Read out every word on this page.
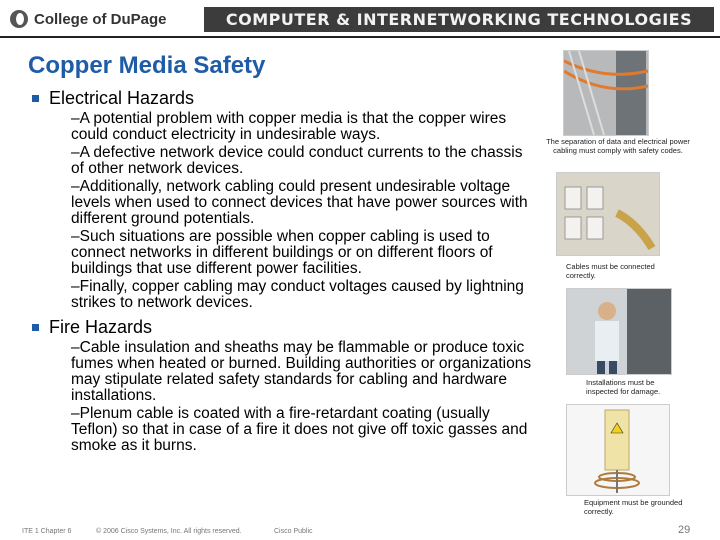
College of DuPage	COMPUTER & INTERNETWORKING TECHNOLOGIES
Copper Media Safety
Electrical Hazards
–A potential problem with copper media is that the copper wires could conduct electricity in undesirable ways.
–A defective network device could conduct currents to the chassis of other network devices.
–Additionally, network cabling could present undesirable voltage levels when used to connect devices that have power sources with different ground potentials.
–Such situations are possible when copper cabling is used to connect networks in different buildings or on different floors of buildings that use different power facilities.
–Finally, copper cabling may conduct voltages caused by lightning strikes to network devices.
Fire Hazards
–Cable insulation and sheaths may be flammable or produce toxic fumes when heated or burned. Building authorities or organizations may stipulate related safety standards for cabling and hardware installations.
–Plenum cable is coated with a fire-retardant coating (usually Teflon) so that in case of a fire it does not give off toxic gasses and smoke as it burns.
The separation of data and electrical power cabling must comply with safety codes.
Cables must be connected correctly.
Installations must be inspected for damage.
Equipment must be grounded correctly.
ITE 1 Chapter 6	© 2006 Cisco Systems, Inc. All rights reserved.	Cisco Public	29
